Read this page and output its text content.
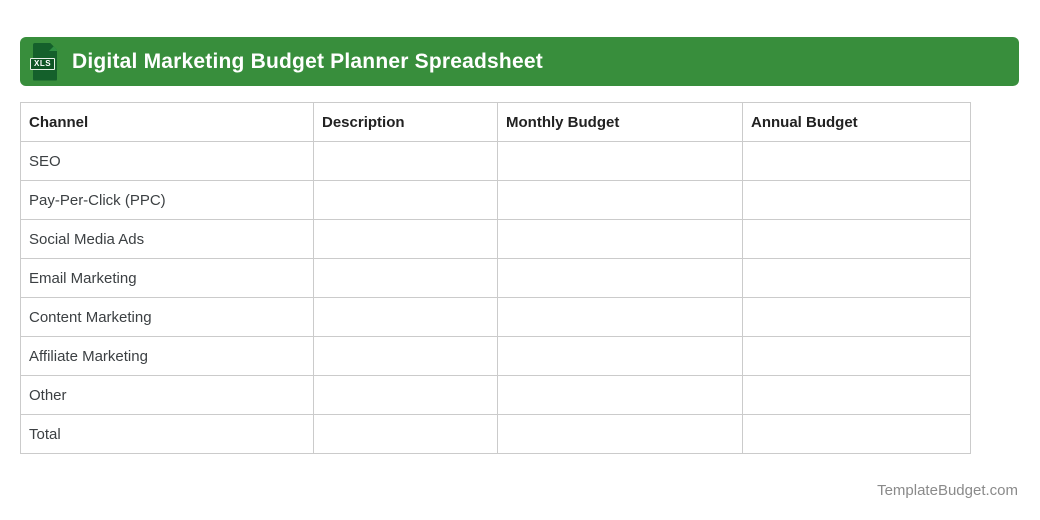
XLS Digital Marketing Budget Planner Spreadsheet
Channel	Description	Monthly Budget	Annual Budget
SEO			
Pay-Per-Click (PPC)			
Social Media Ads			
Email Marketing			
Content Marketing			
Affiliate Marketing			
Other			
Total			
TemplateBudget.com
